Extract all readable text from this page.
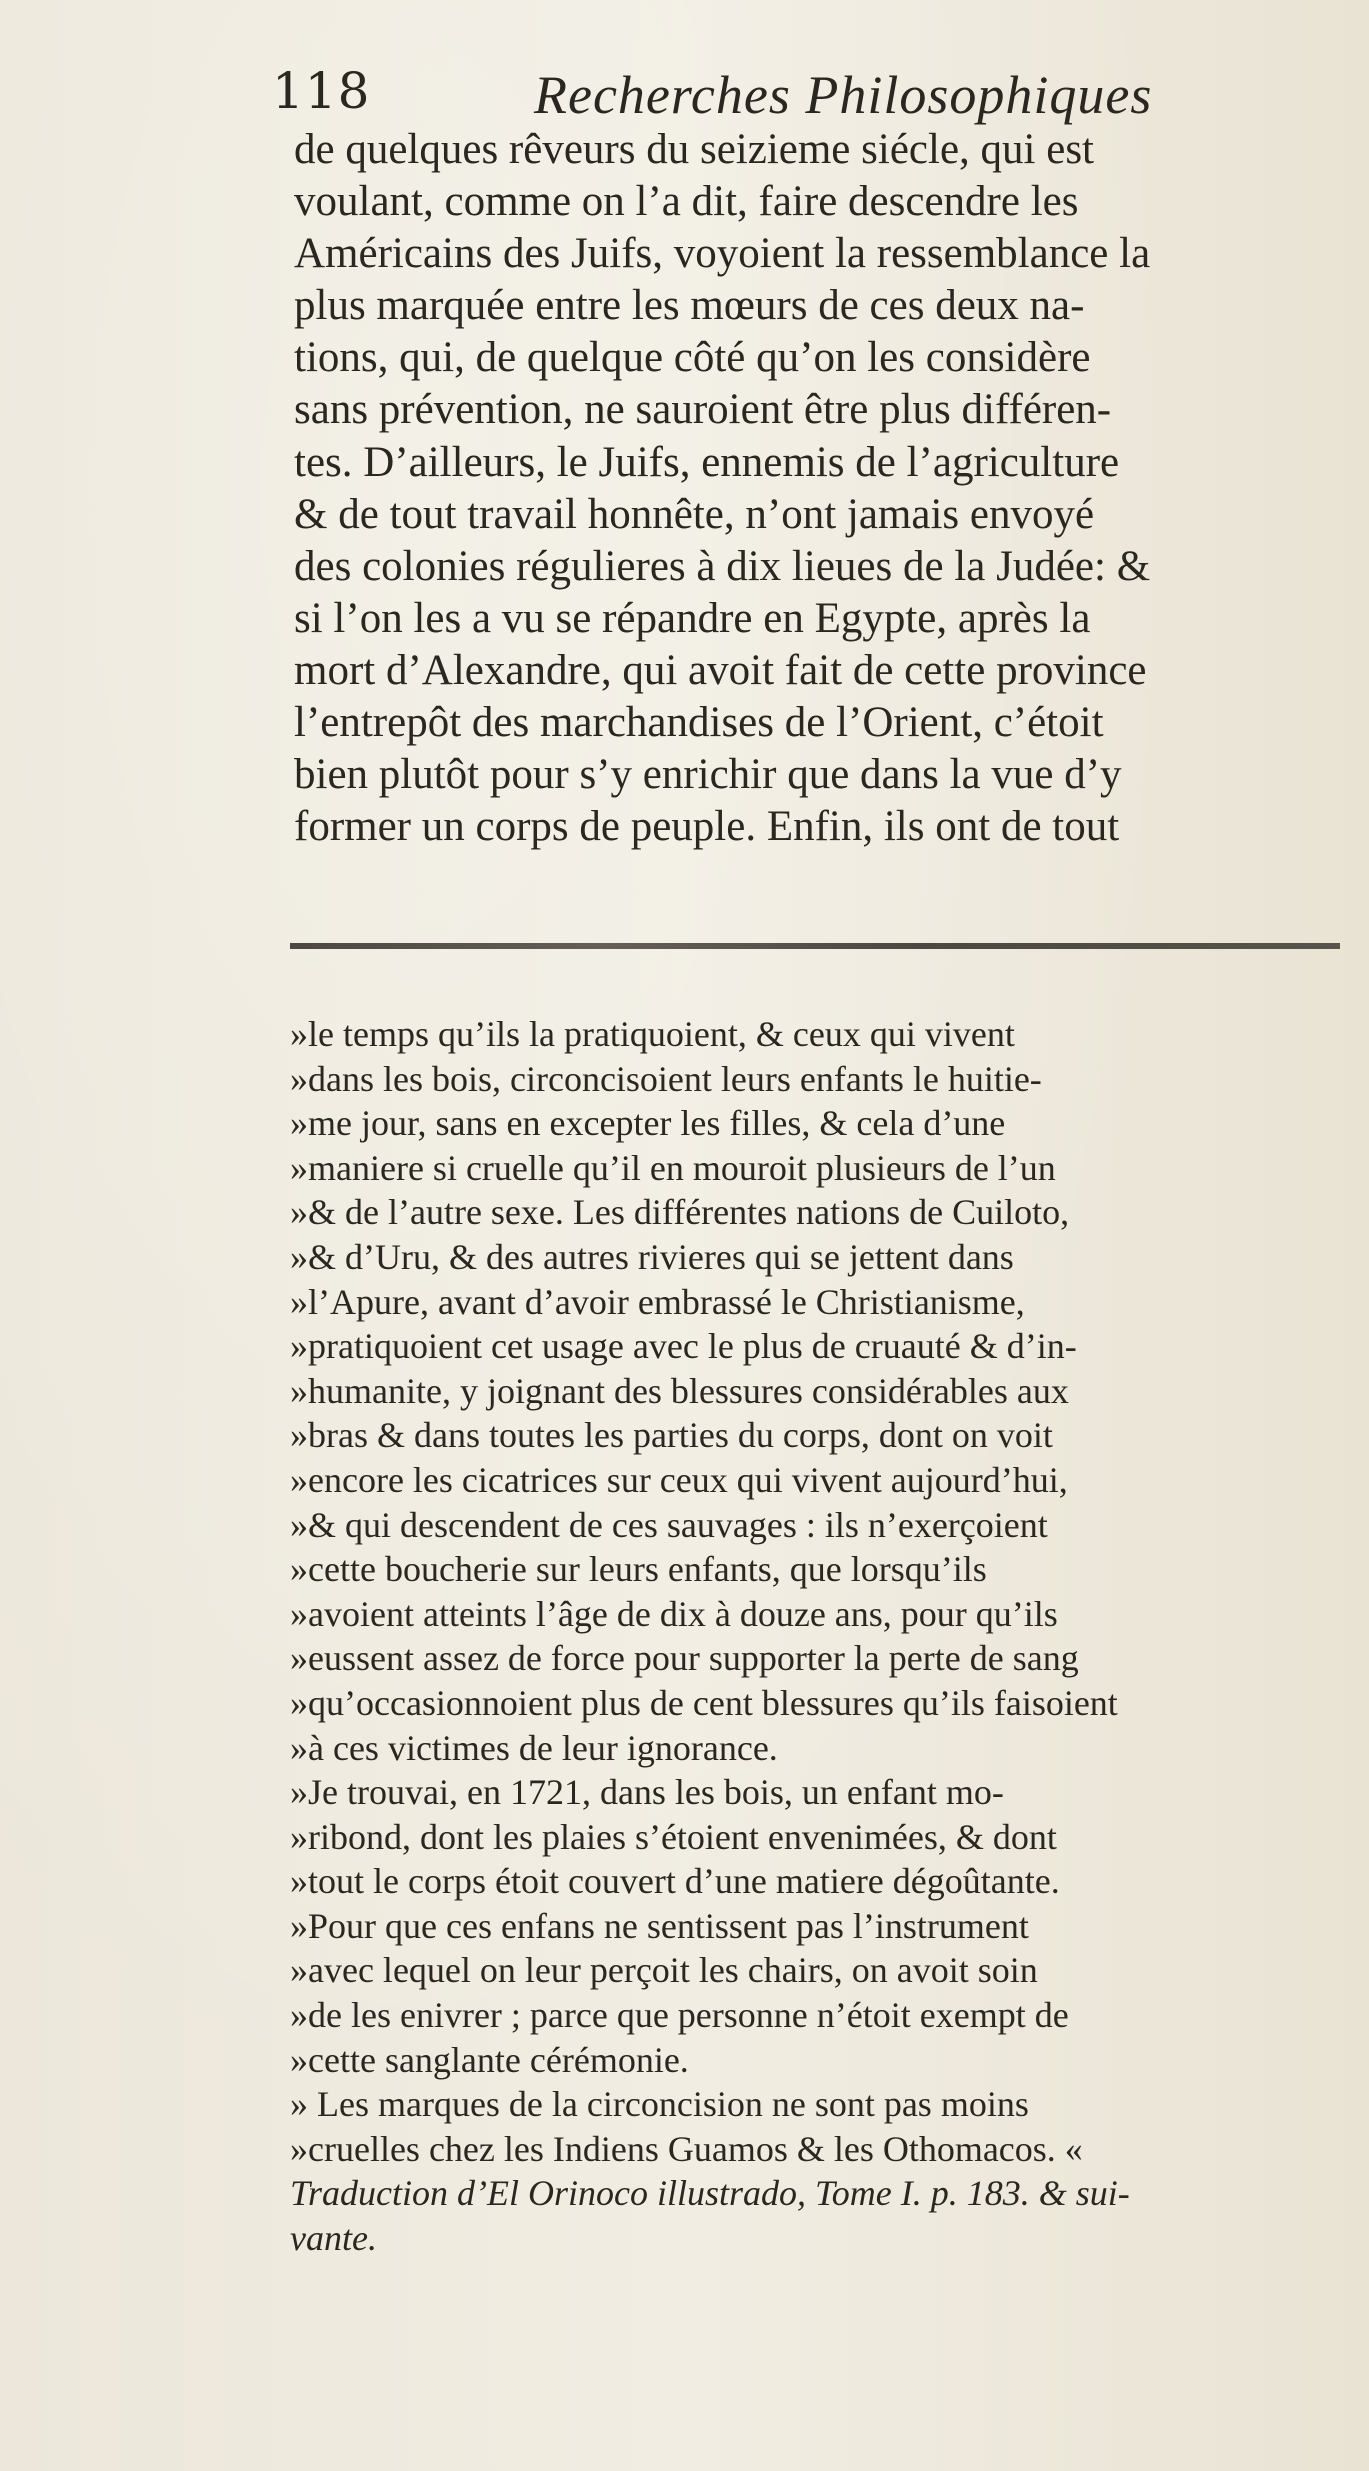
118	Recherches Philosophiques
de quelques rêveurs du seizieme siécle, qui est
voulant, comme on l’a dit, faire descendre les
Américains des Juifs, voyoient la ressemblance la
plus marquée entre les mœurs de ces deux na-
tions, qui, de quelque côté qu’on les considère
sans prévention, ne sauroient être plus différen-
tes. D’ailleurs, le Juifs, ennemis de l’agriculture
& de tout travail honnête, n’ont jamais envoyé
des colonies régulieres à dix lieues de la Judée: &
si l’on les a vu se répandre en Egypte, après la
mort d’Alexandre, qui avoit fait de cette province
l’entrepôt des marchandises de l’Orient, c’étoit
bien plutôt pour s’y enrichir que dans la vue d’y
former un corps de peuple. Enfin, ils ont de tout
»le temps qu’ils la pratiquoient, & ceux qui vivent
»dans les bois, circoncisoient leurs enfants le huitie-
»me jour, sans en excepter les filles, & cela d’une
»maniere si cruelle qu’il en mouroit plusieurs de l’un
»& de l’autre sexe. Les différentes nations de Cuiloto,
»& d’Uru, & des autres rivieres qui se jettent dans
»l’Apure, avant d’avoir embrassé le Christianisme,
»pratiquoient cet usage avec le plus de cruauté & d’in-
»humanite, y joignant des blessures considérables aux
»bras & dans toutes les parties du corps, dont on voit
»encore les cicatrices sur ceux qui vivent aujourd’hui,
»& qui descendent de ces sauvages : ils n’exerçoient
»cette boucherie sur leurs enfants, que lorsqu’ils
»avoient atteints l’âge de dix à douze ans, pour qu’ils
»eussent assez de force pour supporter la perte de sang
»qu’occasionnoient plus de cent blessures qu’ils faisoient
»à ces victimes de leur ignorance.
»Je trouvai, en 1721, dans les bois, un enfant mo-
»ribond, dont les plaies s’étoient envenimées, & dont
»tout le corps étoit couvert d’une matiere dégoûtante.
»Pour que ces enfans ne sentissent pas l’instrument
»avec lequel on leur perçoit les chairs, on avoit soin
»de les enivrer ; parce que personne n’étoit exempt de
»cette sanglante cérémonie.
» Les marques de la circoncision ne sont pas moins
»cruelles chez les Indiens Guamos & les Othomacos. «
Traduction d’El Orinoco illustrado, Tome I. p. 183. & sui-
vante.
